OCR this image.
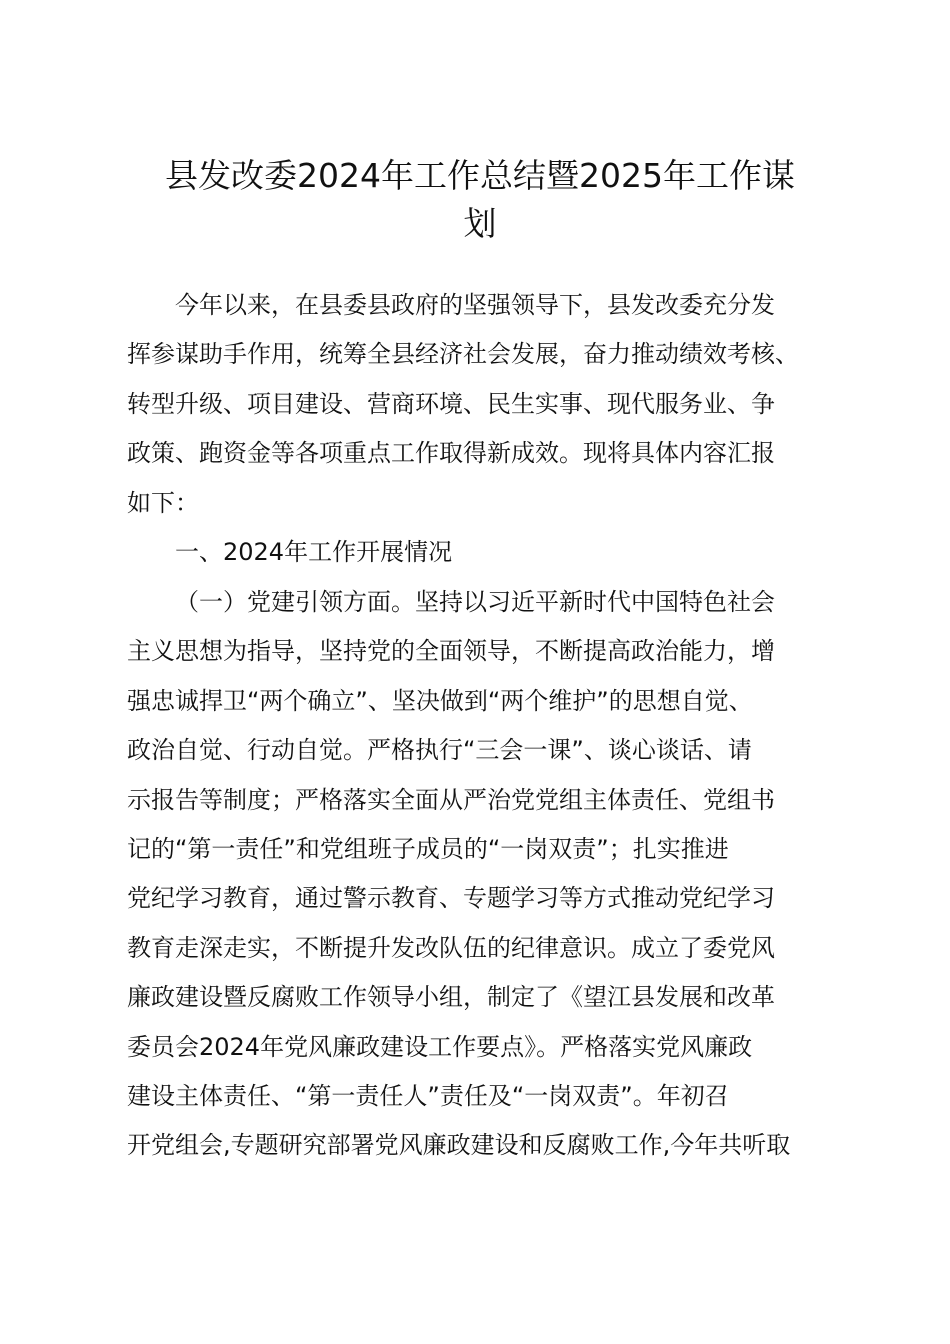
县发改委2024年工作总结暨2025年工作谋
划
今年以来，在县委县政府的坚强领导下，县发改委充分发
挥参谋助手作用，统筹全县经济社会发展，奋力推动绩效考核、
转型升级、项目建设、营商环境、民生实事、现代服务业、争
政策、跑资金等各项重点工作取得新成效。现将具体内容汇报
如下：
一、2024年工作开展情况
（一）党建引领方面。坚持以习近平新时代中国特色社会
主义思想为指导，坚持党的全面领导，不断提高政治能力，增
强忠诚捍卫“两个确立”、坚决做到“两个维护”的思想自觉、
政治自觉、行动自觉。严格执行“三会一课”、谈心谈话、请
示报告等制度；严格落实全面从严治党党组主体责任、党组书
记的“第一责任”和党组班子成员的“一岗双责”；扎实推进
党纪学习教育，通过警示教育、专题学习等方式推动党纪学习
教育走深走实，不断提升发改队伍的纪律意识。成立了委党风
廉政建设暨反腐败工作领导小组，制定了《望江县发展和改革
委员会2024年党风廉政建设工作要点》。严格落实党风廉政
建设主体责任、“第一责任人”责任及“一岗双责”。年初召
开党组会,专题研究部署党风廉政建设和反腐败工作,今年共听取
